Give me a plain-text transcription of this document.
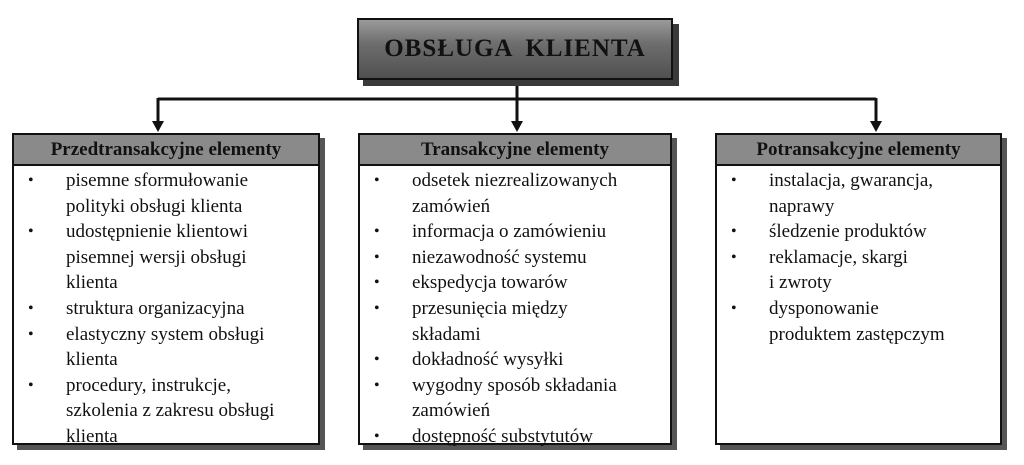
OBSŁUGA KLIENTA
Przedtransakcyjne elementy
•	pisemne sformułowanie
polityki obsługi klienta
•	udostępnienie klientowi
pisemnej wersji obsługi
klienta
•	struktura organizacyjna
•	elastyczny system obsługi
klienta
•	procedury, instrukcje,
szkolenia z zakresu obsługi
klienta
Transakcyjne elementy
•	odsetek niezrealizowanych
zamówień
•	informacja o zamówieniu
•	niezawodność systemu
•	ekspedycja towarów
•	przesunięcia między
składami
•	dokładność wysyłki
•	wygodny sposób składania
zamówień
•	dostępność substytutów
Potransakcyjne elementy
•	instalacja, gwarancja,
naprawy
•	śledzenie produktów
•	reklamacje, skargi
i zwroty
•	dysponowanie
produktem zastępczym
